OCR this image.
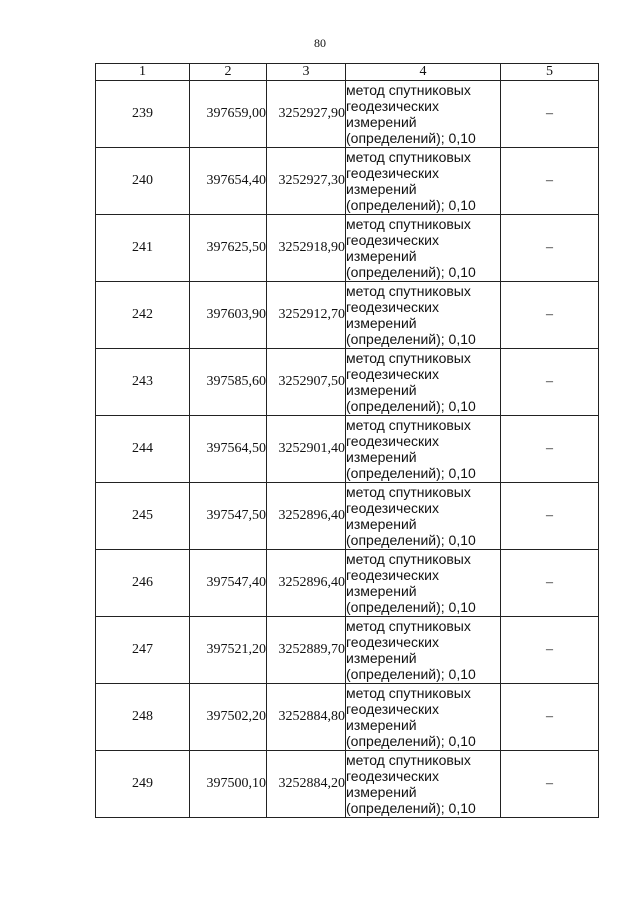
80
1	2	3	4	5
239	397659,00	3252927,90	метод спутниковых геодезических измерений (определений); 0,10	–
240	397654,40	3252927,30	метод спутниковых геодезических измерений (определений); 0,10	–
241	397625,50	3252918,90	метод спутниковых геодезических измерений (определений); 0,10	–
242	397603,90	3252912,70	метод спутниковых геодезических измерений (определений); 0,10	–
243	397585,60	3252907,50	метод спутниковых геодезических измерений (определений); 0,10	–
244	397564,50	3252901,40	метод спутниковых геодезических измерений (определений); 0,10	–
245	397547,50	3252896,40	метод спутниковых геодезических измерений (определений); 0,10	–
246	397547,40	3252896,40	метод спутниковых геодезических измерений (определений); 0,10	–
247	397521,20	3252889,70	метод спутниковых геодезических измерений (определений); 0,10	–
248	397502,20	3252884,80	метод спутниковых геодезических измерений (определений); 0,10	–
249	397500,10	3252884,20	метод спутниковых геодезических измерений (определений); 0,10	–
